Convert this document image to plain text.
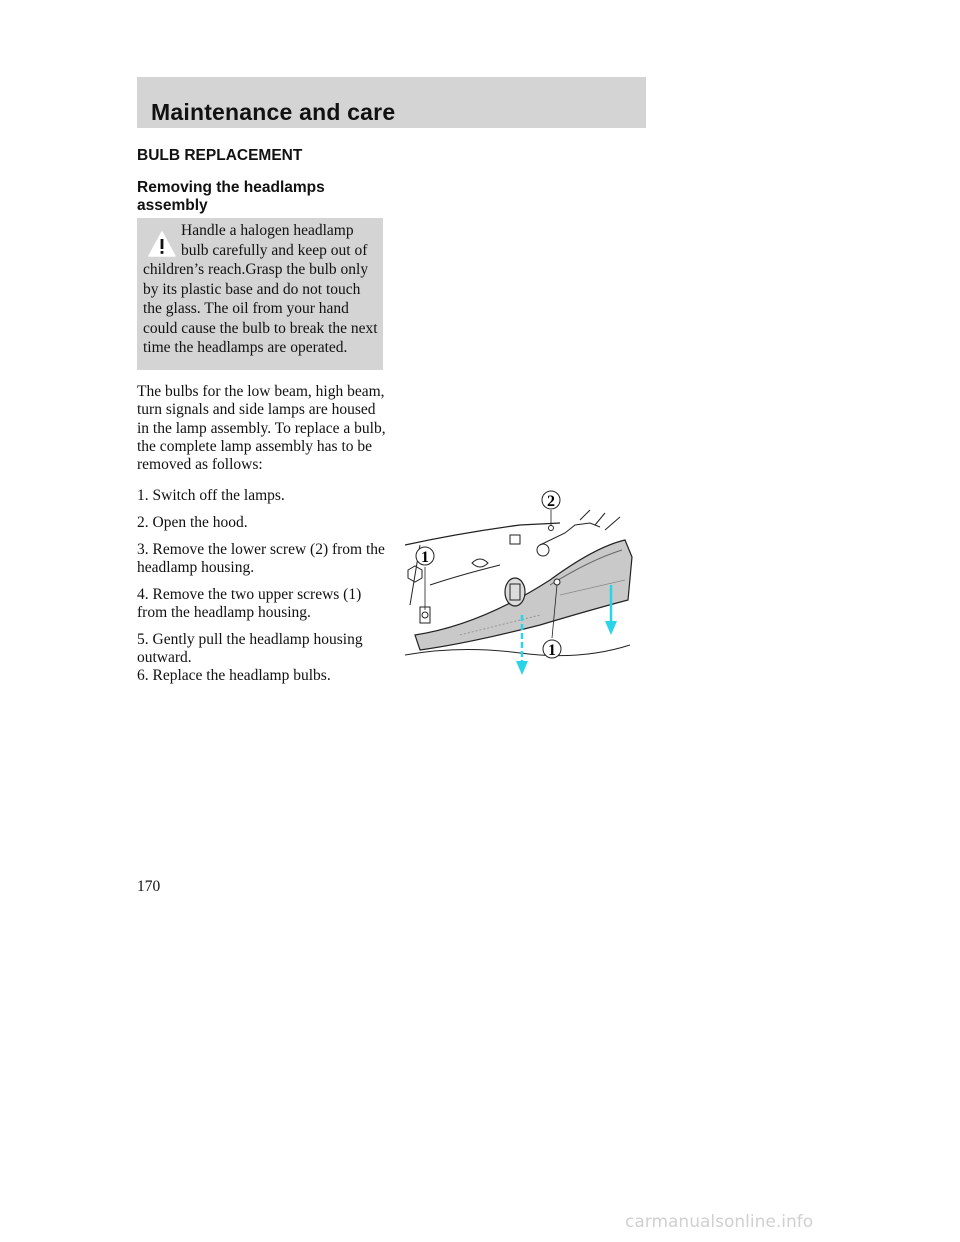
Maintenance and care
BULB REPLACEMENT
Removing the headlamps assembly
Handle a halogen headlamp bulb carefully and keep out of children’s reach.Grasp the bulb only by its plastic base and do not touch the glass. The oil from your hand could cause the bulb to break the next time the headlamps are operated.
The bulbs for the low beam, high beam, turn signals and side lamps are housed in the lamp assembly. To replace a bulb, the complete lamp assembly has to be removed as follows:
1. Switch off the lamps.
2. Open the hood.
3. Remove the lower screw (2) from the headlamp housing.
4. Remove the two upper screws (1) from the headlamp housing.
5. Gently pull the headlamp housing outward.
6. Replace the headlamp bulbs.
2
1
1
170
carmanualsonline.info
